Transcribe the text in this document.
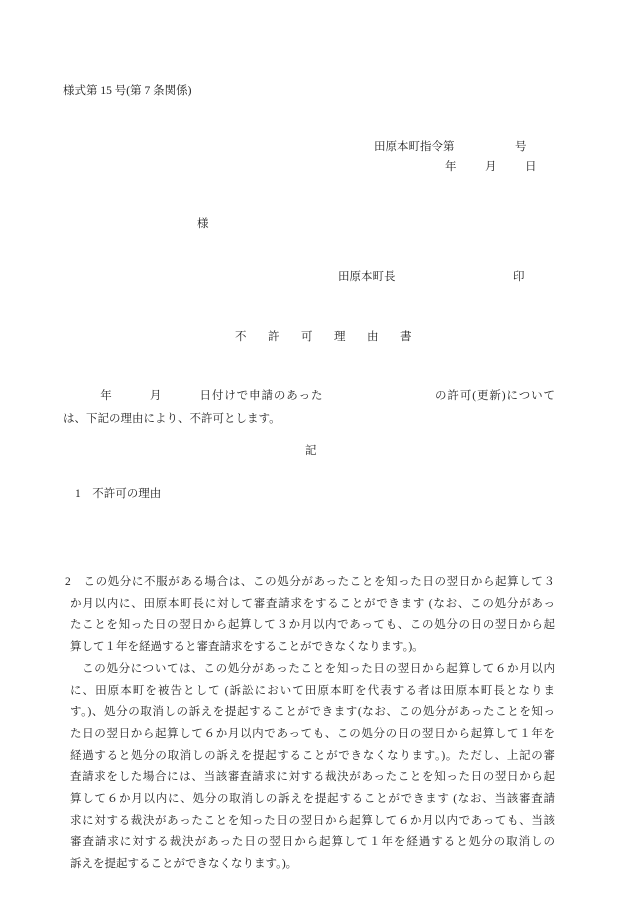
様式第 15 号(第 7 条関係)
田原本町指令第	号
年 月 日
様
田原本町長	印
不　許　可　理　由　書
　　　年　　　月　　　日付けで申請のあった　　　　　　　　　の許可(更新)について
は、下記の理由により、不許可とします。
記
1　不許可の理由
2　この処分に不服がある場合は、この処分があったことを知った日の翌日から起算して３
か月以内に、田原本町長に対して審査請求をすることができます (なお、この処分があっ
たことを知った日の翌日から起算して３か月以内であっても、この処分の日の翌日から起
算して１年を経過すると審査請求をすることができなくなります。)。
　この処分については、この処分があったことを知った日の翌日から起算して６か月以内
に、田原本町を被告として (訴訟において田原本町を代表する者は田原本町長となりま
す。)、処分の取消しの訴えを提起することができます(なお、この処分があったことを知っ
た日の翌日から起算して６か月以内であっても、この処分の日の翌日から起算して１年を
経過すると処分の取消しの訴えを提起することができなくなります。)。ただし、上記の審
査請求をした場合には、当該審査請求に対する裁決があったことを知った日の翌日から起
算して６か月以内に、処分の取消しの訴えを提起することができます (なお、当該審査請
求に対する裁決があったことを知った日の翌日から起算して６か月以内であっても、当該
審査請求に対する裁決があった日の翌日から起算して１年を経過すると処分の取消しの
訴えを提起することができなくなります。)。
